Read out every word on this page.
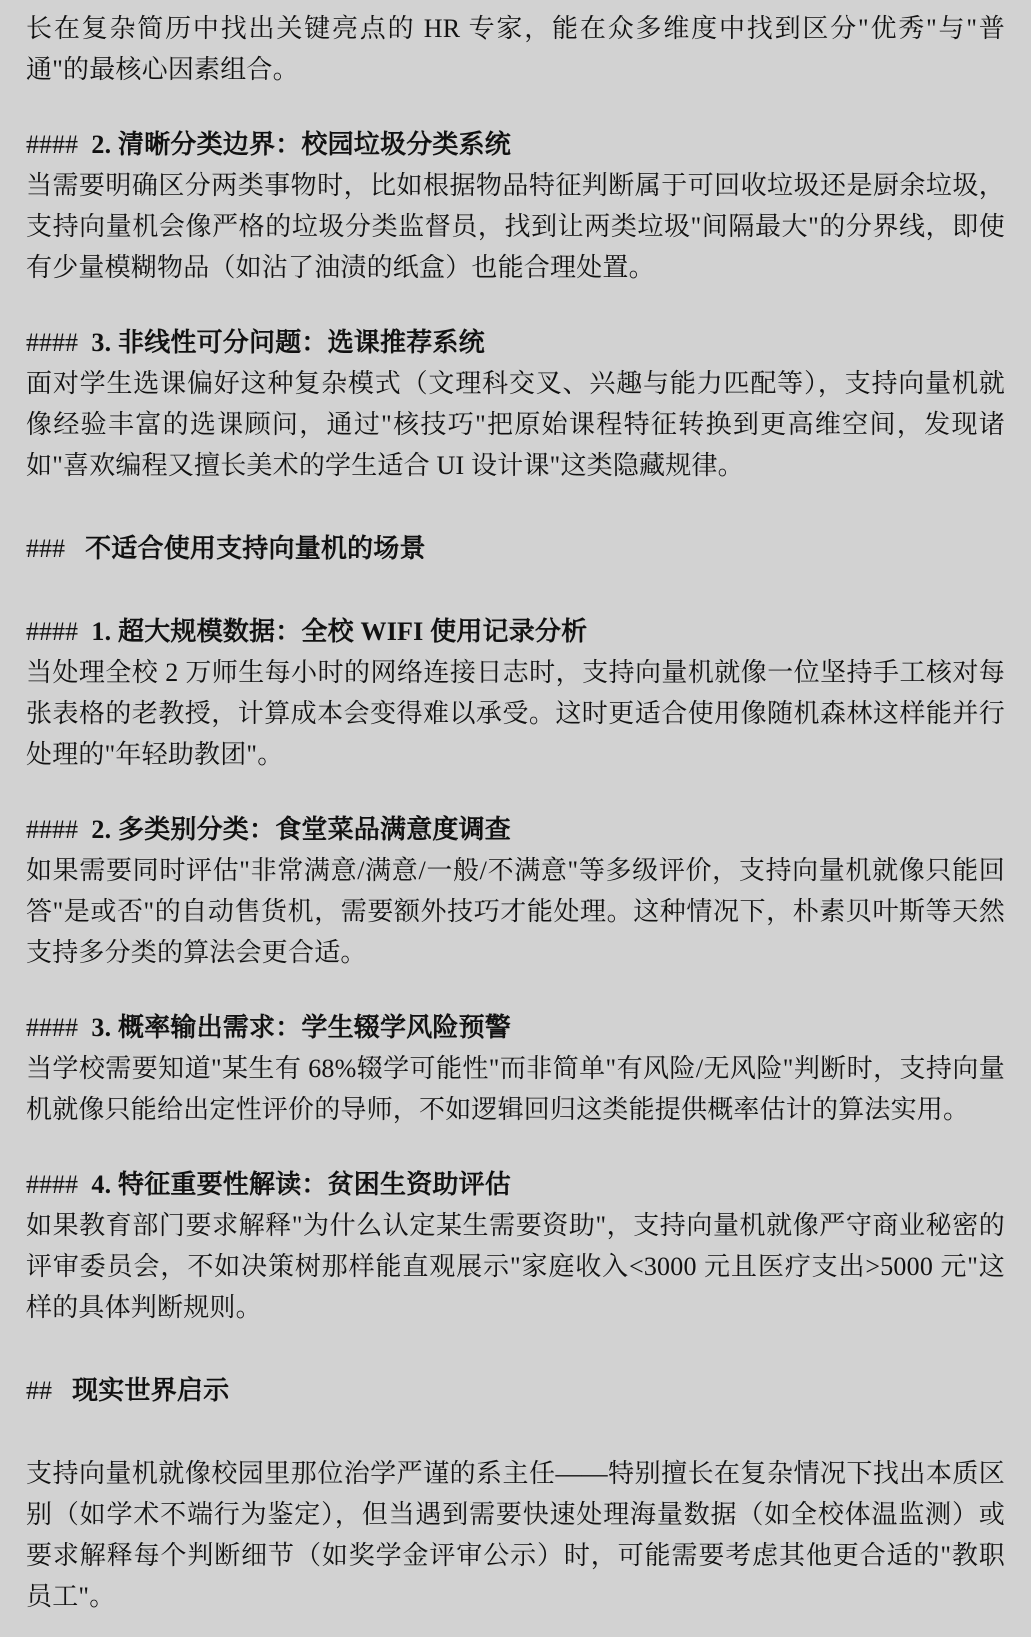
长在复杂简历中找出关键亮点的 HR 专家，能在众多维度中找到区分"优秀"与"普通"的最核心因素组合。

#### 2. 清晰分类边界：校园垃圾分类系统

当需要明确区分两类事物时，比如根据物品特征判断属于可回收垃圾还是厨余垃圾，支持向量机会像严格的垃圾分类监督员，找到让两类垃圾"间隔最大"的分界线，即使有少量模糊物品（如沾了油渍的纸盒）也能合理处置。

#### 3. 非线性可分问题：选课推荐系统

面对学生选课偏好这种复杂模式（文理科交叉、兴趣与能力匹配等），支持向量机就像经验丰富的选课顾问，通过"核技巧"把原始课程特征转换到更高维空间，发现诸如"喜欢编程又擅长美术的学生适合 UI 设计课"这类隐藏规律。

### 不适合使用支持向量机的场景
#### 1. 超大规模数据：全校 WIFI 使用记录分析

当处理全校 2 万师生每小时的网络连接日志时，支持向量机就像一位坚持手工核对每张表格的老教授，计算成本会变得难以承受。这时更适合使用像随机森林这样能并行处理的"年轻助教团"。

#### 2. 多类别分类：食堂菜品满意度调查

如果需要同时评估"非常满意/满意/一般/不满意"等多级评价，支持向量机就像只能回答"是或否"的自动售货机，需要额外技巧才能处理。这种情况下，朴素贝叶斯等天然支持多分类的算法会更合适。

#### 3. 概率输出需求：学生辍学风险预警

当学校需要知道"某生有 68%辍学可能性"而非简单"有风险/无风险"判断时，支持向量机就像只能给出定性评价的导师，不如逻辑回归这类能提供概率估计的算法实用。

#### 4. 特征重要性解读：贫困生资助评估

如果教育部门要求解释"为什么认定某生需要资助"，支持向量机就像严守商业秘密的评审委员会，不如决策树那样能直观展示"家庭收入<3000 元且医疗支出>5000 元"这样的具体判断规则。

## 现实世界启示

支持向量机就像校园里那位治学严谨的系主任——特别擅长在复杂情况下找出本质区别（如学术不端行为鉴定），但当遇到需要快速处理海量数据（如全校体温监测）或要求解释每个判断细节（如奖学金评审公示）时，可能需要考虑其他更合适的"教职员工"。
